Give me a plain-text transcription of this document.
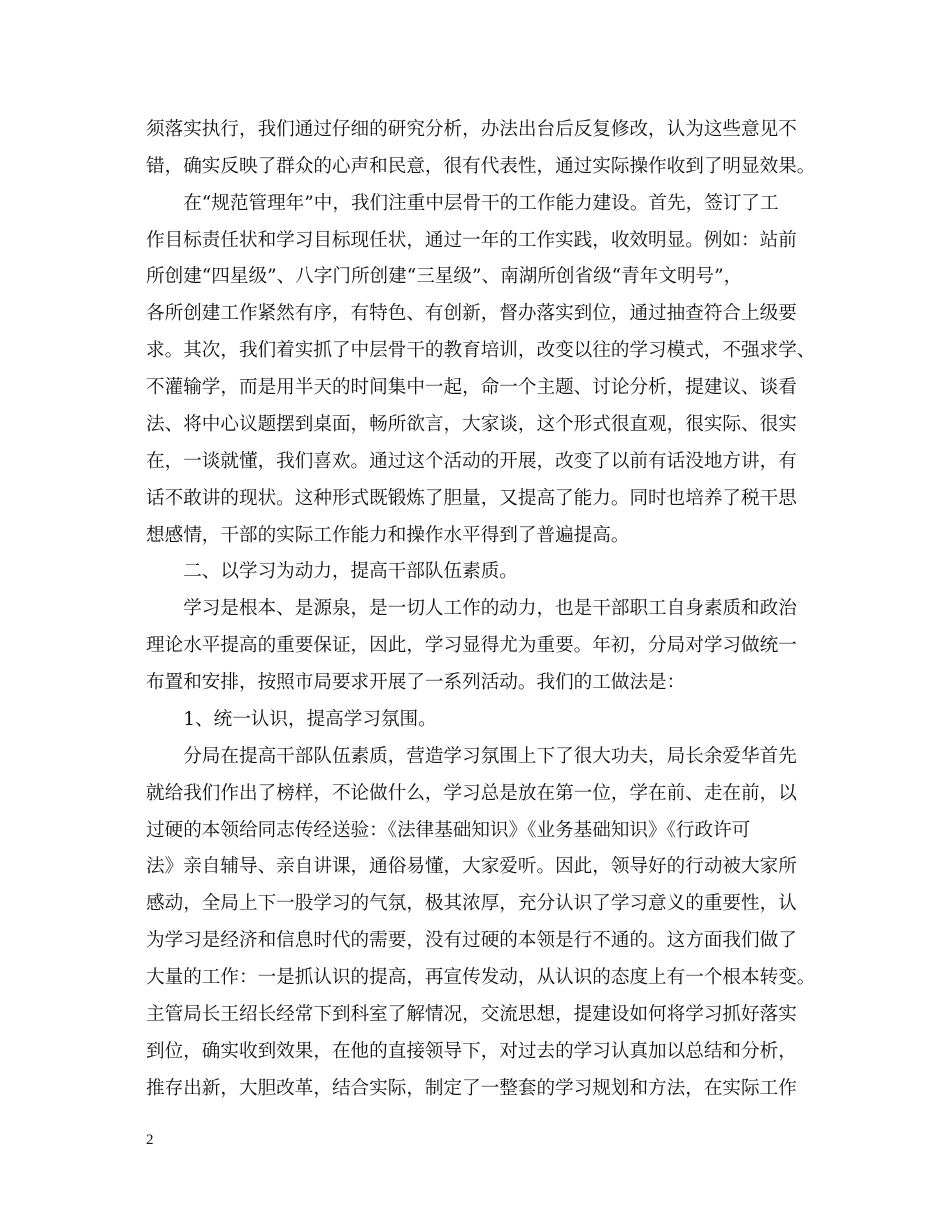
须落实执行，我们通过仔细的研究分析，办法出台后反复修改，认为这些意见不
错，确实反映了群众的心声和民意，很有代表性，通过实际操作收到了明显效果。
　　在“规范管理年”中，我们注重中层骨干的工作能力建设。首先，签订了工
作目标责任状和学习目标现任状，通过一年的工作实践，收效明显。例如：站前
所创建“四星级”、八字门所创建“三星级”、南湖所创省级“青年文明号”，
各所创建工作紧然有序，有特色、有创新，督办落实到位，通过抽查符合上级要
求。其次，我们着实抓了中层骨干的教育培训，改变以往的学习模式，不强求学、
不灌输学，而是用半天的时间集中一起，命一个主题、讨论分析，提建议、谈看
法、将中心议题摆到桌面，畅所欲言，大家谈，这个形式很直观，很实际、很实
在，一谈就懂，我们喜欢。通过这个活动的开展，改变了以前有话没地方讲，有
话不敢讲的现状。这种形式既锻炼了胆量，又提高了能力。同时也培养了税干思
想感情，干部的实际工作能力和操作水平得到了普遍提高。
　　二、以学习为动力，提高干部队伍素质。
　　学习是根本、是源泉，是一切人工作的动力，也是干部职工自身素质和政治
理论水平提高的重要保证，因此，学习显得尤为重要。年初，分局对学习做统一
布置和安排，按照市局要求开展了一系列活动。我们的工做法是：
　　1、统一认识，提高学习氛围。
　　分局在提高干部队伍素质，营造学习氛围上下了很大功夫，局长余爱华首先
就给我们作出了榜样，不论做什么，学习总是放在第一位，学在前、走在前，以
过硬的本领给同志传经送验：《法律基础知识》《业务基础知识》《行政许可
法》亲自辅导、亲自讲课，通俗易懂，大家爱听。因此，领导好的行动被大家所
感动，全局上下一股学习的气氛，极其浓厚，充分认识了学习意义的重要性，认
为学习是经济和信息时代的需要，没有过硬的本领是行不通的。这方面我们做了
大量的工作：一是抓认识的提高，再宣传发动，从认识的态度上有一个根本转变。
主管局长王绍长经常下到科室了解情况，交流思想，提建设如何将学习抓好落实
到位，确实收到效果，在他的直接领导下，对过去的学习认真加以总结和分析，
推存出新，大胆改革，结合实际，制定了一整套的学习规划和方法，在实际工作
2
